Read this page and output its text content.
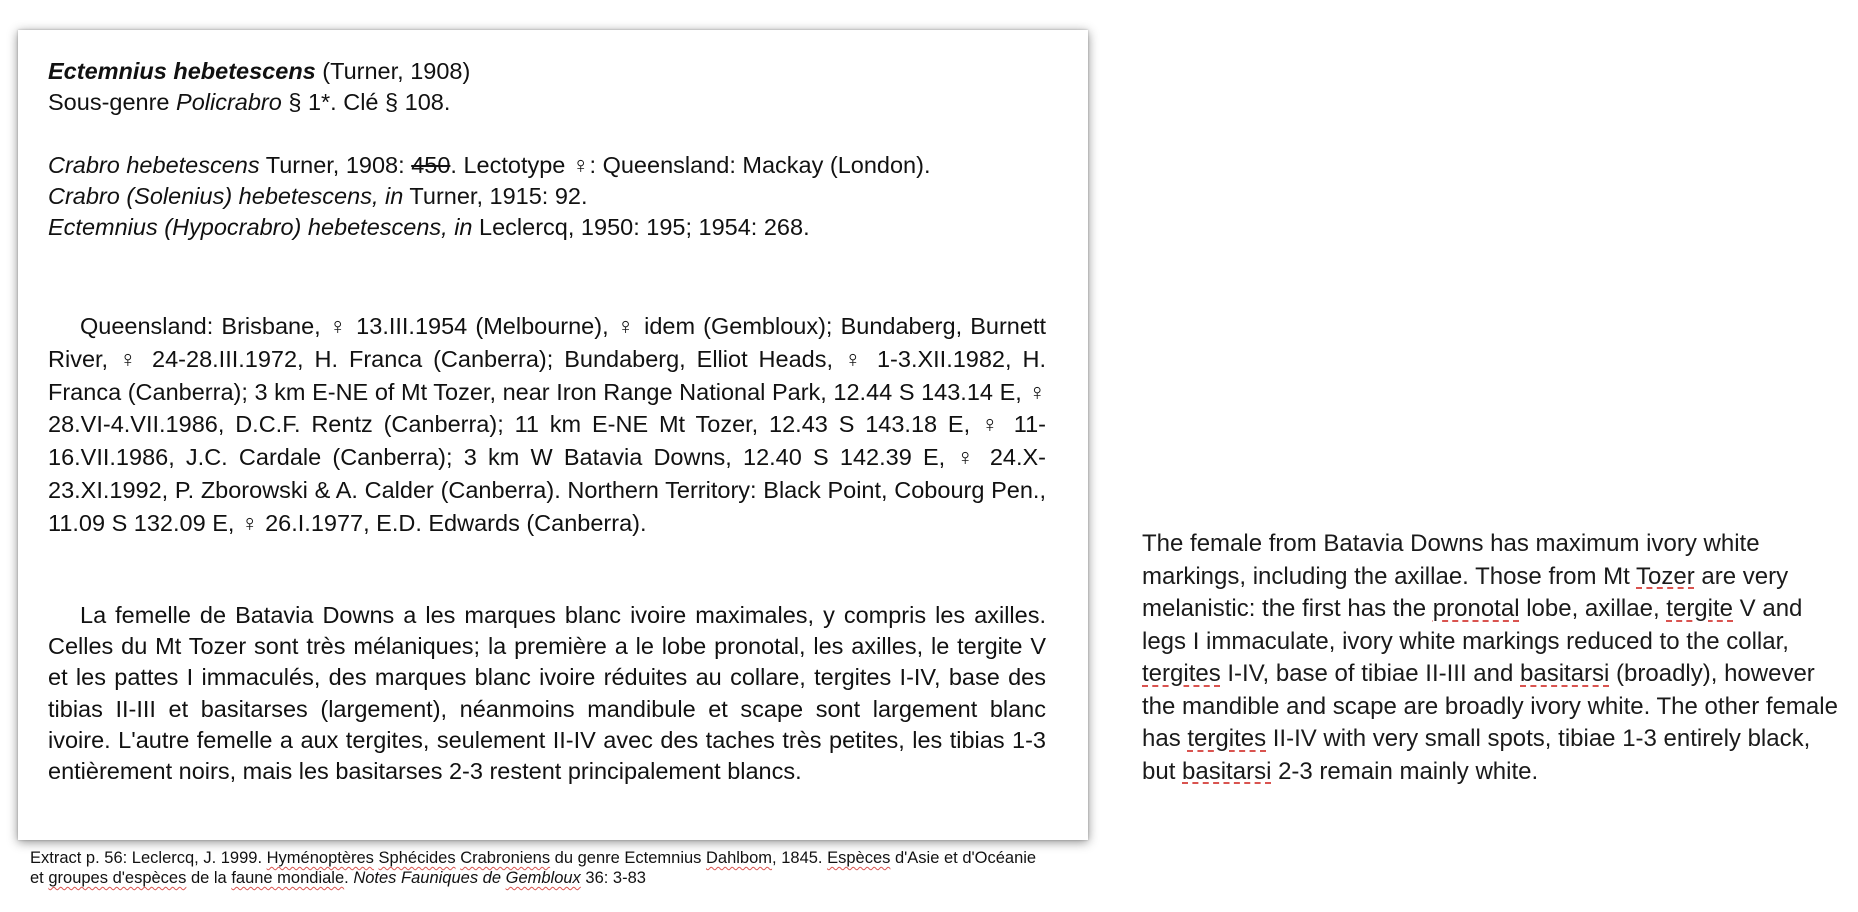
Ectemnius hebetescens (Turner, 1908)
Sous-genre Policrabro § 1*. Clé § 108.

Crabro hebetescens Turner, 1908: 450. Lectotype ♀: Queensland: Mackay (London).

Crabro (Solenius) hebetescens, in Turner, 1915: 92.

Ectemnius (Hypocrabro) hebetescens, in Leclercq, 1950: 195; 1954: 268.

Queensland: Brisbane, ♀ 13.III.1954 (Melbourne), ♀ idem (Gembloux); Bundaberg, Burnett River, ♀ 24-28.III.1972, H. Franca (Canberra); Bundaberg, Elliot Heads, ♀ 1-3.XII.1982, H. Franca (Canberra); 3 km E-NE of Mt Tozer, near Iron Range National Park, 12.44 S 143.14 E, ♀ 28.VI-4.VII.1986, D.C.F. Rentz (Canberra); 11 km E-NE Mt Tozer, 12.43 S 143.18 E, ♀ 11-16.VII.1986, J.C. Cardale (Canberra); 3 km W Batavia Downs, 12.40 S 142.39 E, ♀ 24.X-23.XI.1992, P. Zborowski & A. Calder (Canberra). Northern Territory: Black Point, Cobourg Pen., 11.09 S 132.09 E, ♀ 26.I.1977, E.D. Edwards (Canberra).
La femelle de Batavia Downs a les marques blanc ivoire maximales, y compris les axilles. Celles du Mt Tozer sont très mélaniques; la première a le lobe pronotal, les axilles, le tergite V et les pattes I immaculés, des marques blanc ivoire réduites au collare, tergites I-IV, base des tibias II-III et basitarses (largement), néanmoins mandibule et scape sont largement blanc ivoire. L'autre femelle a aux tergites, seulement II-IV avec des taches très petites, les tibias 1-3 entièrement noirs, mais les basitarses 2-3 restent principalement blancs.
Extract p. 56: Leclercq, J. 1999. Hyménoptères Sphécides Crabroniens du genre Ectemnius Dahlbom, 1845. Espèces d'Asie et d'Océanie et groupes d'espèces de la faune mondiale. Notes Fauniques de Gembloux 36: 3-83
The female from Batavia Downs has maximum ivory white markings, including the axillae. Those from Mt Tozer are very melanistic: the first has the pronotal lobe, axillae, tergite V and legs I immaculate, ivory white markings reduced to the collar, tergites I-IV, base of tibiae II-III and basitarsi (broadly), however the mandible and scape are broadly ivory white. The other female has tergites II-IV with very small spots, tibiae 1-3 entirely black, but basitarsi 2-3 remain mainly white.
